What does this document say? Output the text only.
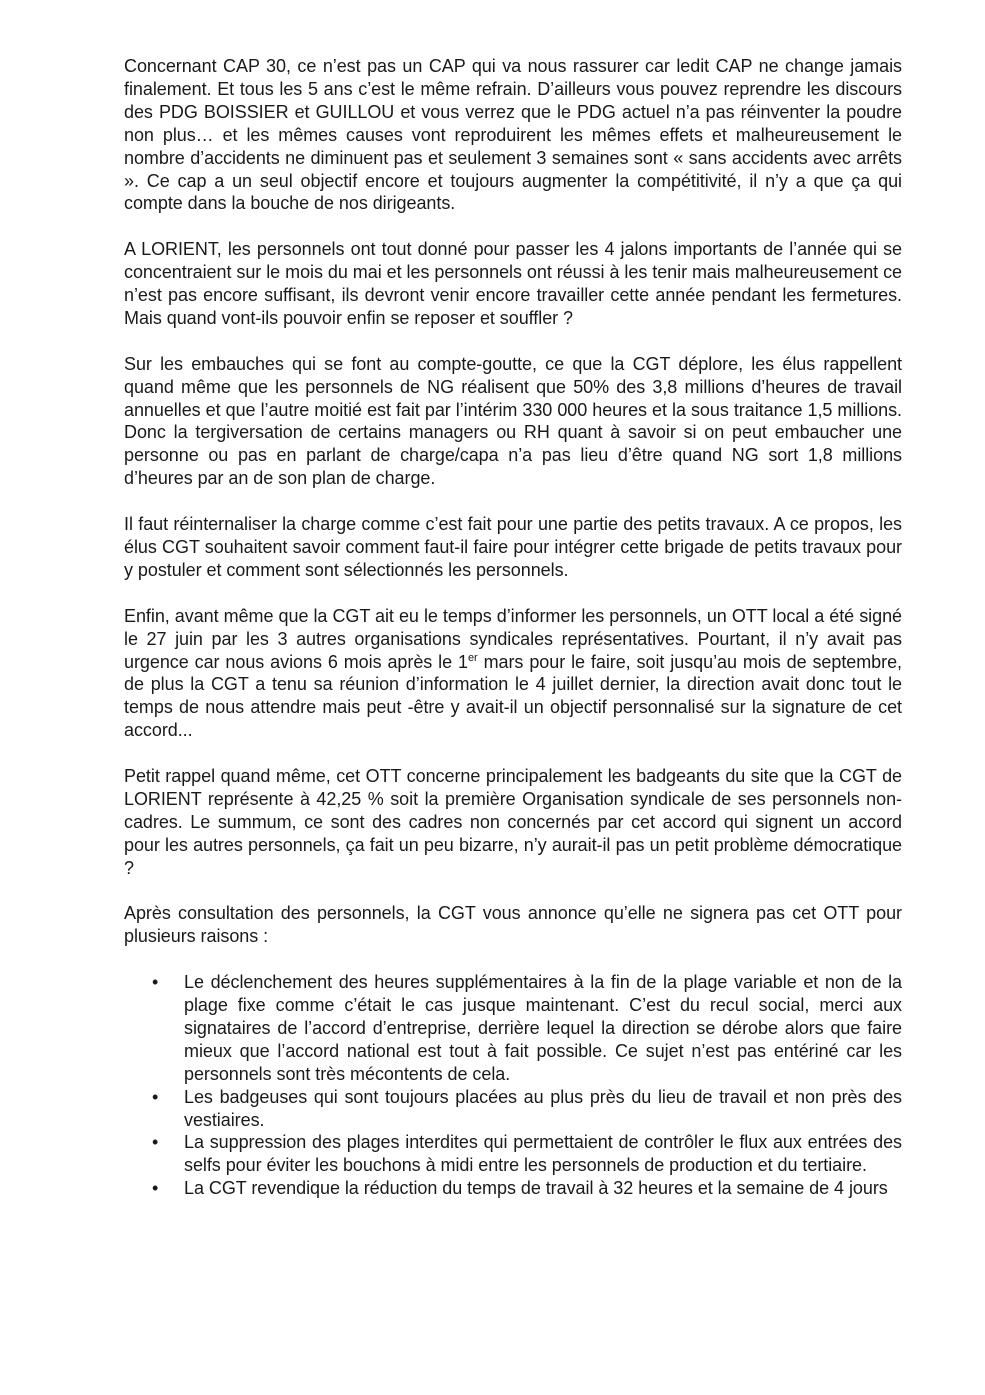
Concernant CAP 30, ce n’est pas un CAP qui va nous rassurer car ledit CAP ne change jamais finalement. Et tous les 5 ans c’est le même refrain. D’ailleurs vous pouvez reprendre les discours des PDG BOISSIER et GUILLOU et vous verrez que le PDG actuel n’a pas réinventer la poudre non plus… et les mêmes causes vont reproduirent les mêmes effets et malheureusement le nombre d’accidents ne diminuent pas et seulement 3 semaines sont « sans accidents avec arrêts ». Ce cap a un seul objectif encore et toujours augmenter la compétitivité, il n’y a que ça qui compte dans la bouche de nos dirigeants.

A LORIENT, les personnels ont tout donné pour passer les 4 jalons importants de l’année qui se concentraient sur le mois du mai et les personnels ont réussi à les tenir mais malheureusement ce n’est pas encore suffisant, ils devront venir encore travailler cette année pendant les fermetures. Mais quand vont-ils pouvoir enfin se reposer et souffler ?

Sur les embauches qui se font au compte-goutte, ce que la CGT déplore, les élus rappellent quand même que les personnels de NG réalisent que 50% des 3,8 millions d’heures de travail annuelles et que l’autre moitié est fait par l’intérim 330 000 heures et la sous traitance 1,5 millions. Donc la tergiversation de certains managers ou RH quant à savoir si on peut embaucher une personne ou pas en parlant de charge/capa n’a pas lieu d’être quand NG sort 1,8 millions d’heures par an de son plan de charge.

Il faut réinternaliser la charge comme c’est fait pour une partie des petits travaux. A ce propos, les élus CGT souhaitent savoir comment faut-il faire pour intégrer cette brigade de petits travaux pour y postuler et comment sont sélectionnés les personnels.

Enfin, avant même que la CGT ait eu le temps d’informer les personnels, un OTT local a été signé le 27 juin par les 3 autres organisations syndicales représentatives. Pourtant, il n’y avait pas urgence car nous avions 6 mois après le 1er mars pour le faire, soit jusqu’au mois de septembre, de plus la CGT a tenu sa réunion d’information le 4 juillet dernier, la direction avait donc tout le temps de nous attendre mais peut -être y avait-il un objectif personnalisé sur la signature de cet accord...

Petit rappel quand même, cet OTT concerne principalement les badgeants du site que la CGT de LORIENT représente à 42,25 % soit la première Organisation syndicale de ses personnels non-cadres. Le summum, ce sont des cadres non concernés par cet accord qui signent un accord pour les autres personnels, ça fait un peu bizarre, n’y aurait-il pas un petit problème démocratique ?

Après consultation des personnels, la CGT vous annonce qu’elle ne signera pas cet OTT pour plusieurs raisons :

• Le déclenchement des heures supplémentaires à la fin de la plage variable et non de la plage fixe comme c’était le cas jusque maintenant. C’est du recul social, merci aux signataires de l’accord d’entreprise, derrière lequel la direction se dérobe alors que faire mieux que l’accord national est tout à fait possible. Ce sujet n’est pas entériné car les personnels sont très mécontents de cela.
• Les badgeuses qui sont toujours placées au plus près du lieu de travail et non près des vestiaires.
• La suppression des plages interdites qui permettaient de contrôler le flux aux entrées des selfs pour éviter les bouchons à midi entre les personnels de production et du tertiaire.
• La CGT revendique la réduction du temps de travail à 32 heures et la semaine de 4 jours
